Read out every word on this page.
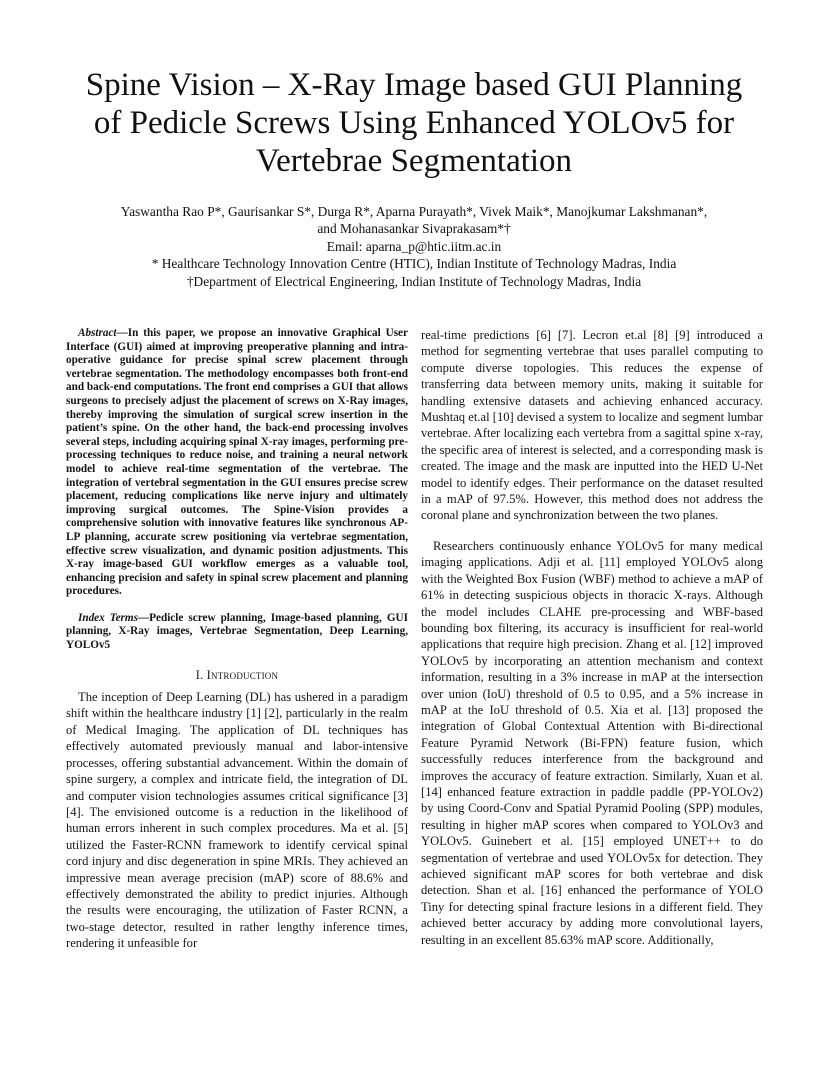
Spine Vision – X-Ray Image based GUI Planning
of Pedicle Screws Using Enhanced YOLOv5 for
Vertebrae Segmentation
Yaswantha Rao P*, Gaurisankar S*, Durga R*, Aparna Purayath*, Vivek Maik*, Manojkumar Lakshmanan*,
and Mohanasankar Sivaprakasam*†
Email: aparna_p@htic.iitm.ac.in
* Healthcare Technology Innovation Centre (HTIC), Indian Institute of Technology Madras, India
†Department of Electrical Engineering, Indian Institute of Technology Madras, India

Abstract—In this paper, we propose an innovative Graphical User Interface (GUI) aimed at improving preoperative planning and intra-operative guidance for precise spinal screw placement through vertebrae segmentation. The methodology encompasses both front-end and back-end computations. The front end comprises a GUI that allows surgeons to precisely adjust the placement of screws on X-Ray images, thereby improving the simulation of surgical screw insertion in the patient’s spine. On the other hand, the back-end processing involves several steps, including acquiring spinal X-ray images, performing pre-processing techniques to reduce noise, and training a neural network model to achieve real-time segmentation of the vertebrae. The integration of vertebral segmentation in the GUI ensures precise screw placement, reducing complications like nerve injury and ultimately improving surgical outcomes. The Spine-Vision provides a comprehensive solution with innovative features like synchronous AP-LP planning, accurate screw positioning via vertebrae segmentation, effective screw visualization, and dynamic position adjustments. This X-ray image-based GUI workflow emerges as a valuable tool, enhancing precision and safety in spinal screw placement and planning procedures.

Index Terms—Pedicle screw planning, Image-based planning, GUI planning, X-Ray images, Vertebrae Segmentation, Deep Learning, YOLOv5

I. Introduction

The inception of Deep Learning (DL) has ushered in a paradigm shift within the healthcare industry [1] [2], particularly in the realm of Medical Imaging. The application of DL techniques has effectively automated previously manual and labor-intensive processes, offering substantial advancement. Within the domain of spine surgery, a complex and intricate field, the integration of DL and computer vision technologies assumes critical significance [3] [4]. The envisioned outcome is a reduction in the likelihood of human errors inherent in such complex procedures. Ma et al. [5] utilized the Faster-RCNN framework to identify cervical spinal cord injury and disc degeneration in spine MRIs. They achieved an impressive mean average precision (mAP) score of 88.6% and effectively demonstrated the ability to predict injuries. Although the results were encouraging, the utilization of Faster RCNN, a two-stage detector, resulted in rather lengthy inference times, rendering it unfeasible for

real-time predictions [6] [7]. Lecron et.al [8] [9] introduced a method for segmenting vertebrae that uses parallel computing to compute diverse topologies. This reduces the expense of transferring data between memory units, making it suitable for handling extensive datasets and achieving enhanced accuracy. Mushtaq et.al [10] devised a system to localize and segment lumbar vertebrae. After localizing each vertebra from a sagittal spine x-ray, the specific area of interest is selected, and a corresponding mask is created. The image and the mask are inputted into the HED U-Net model to identify edges. Their performance on the dataset resulted in a mAP of 97.5%. However, this method does not address the coronal plane and synchronization between the two planes.

Researchers continuously enhance YOLOv5 for many medical imaging applications. Adji et al. [11] employed YOLOv5 along with the Weighted Box Fusion (WBF) method to achieve a mAP of 61% in detecting suspicious objects in thoracic X-rays. Although the model includes CLAHE pre-processing and WBF-based bounding box filtering, its accuracy is insufficient for real-world applications that require high precision. Zhang et al. [12] improved YOLOv5 by incorporating an attention mechanism and context information, resulting in a 3% increase in mAP at the intersection over union (IoU) threshold of 0.5 to 0.95, and a 5% increase in mAP at the IoU threshold of 0.5. Xia et al. [13] proposed the integration of Global Contextual Attention with Bi-directional Feature Pyramid Network (Bi-FPN) feature fusion, which successfully reduces interference from the background and improves the accuracy of feature extraction. Similarly, Xuan et al. [14] enhanced feature extraction in paddle paddle (PP-YOLOv2) by using Coord-Conv and Spatial Pyramid Pooling (SPP) modules, resulting in higher mAP scores when compared to YOLOv3 and YOLOv5. Guinebert et al. [15] employed UNET++ to do segmentation of vertebrae and used YOLOv5x for detection. They achieved significant mAP scores for both vertebrae and disk detection. Shan et al. [16] enhanced the performance of YOLO Tiny for detecting spinal fracture lesions in a different field. They achieved better accuracy by adding more convolutional layers, resulting in an excellent 85.63% mAP score. Additionally,
